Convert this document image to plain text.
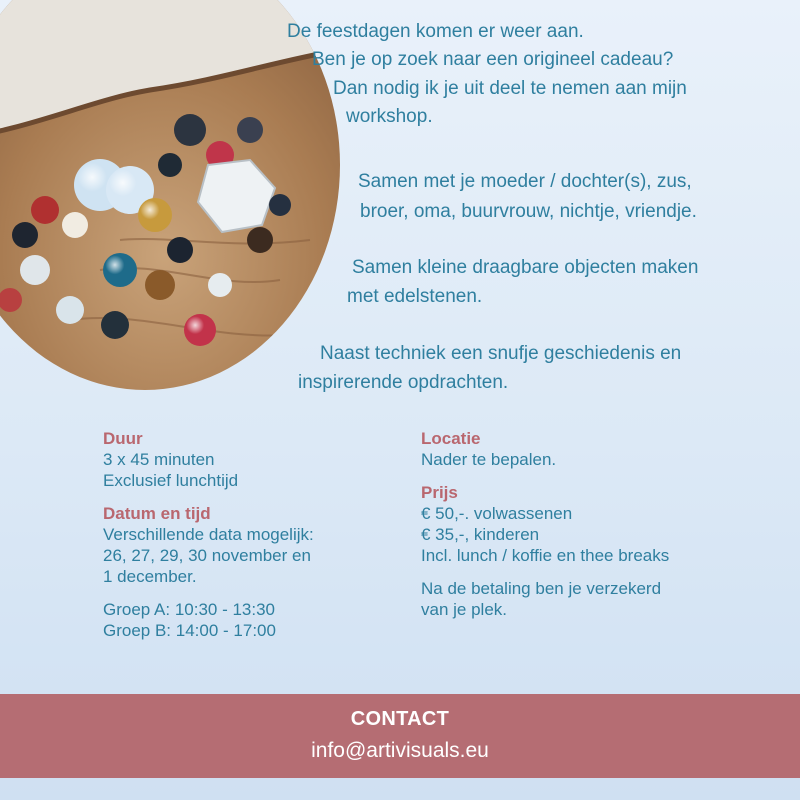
De feestdagen komen er weer aan.
Ben je op zoek naar een origineel cadeau?
Dan nodig ik je uit deel te nemen aan mijn
workshop.
Samen met je moeder / dochter(s), zus,
broer, oma, buurvrouw, nichtje, vriendje.
Samen kleine draagbare objecten maken
met edelstenen.
Naast techniek een snufje geschiedenis en
inspirerende opdrachten.
Duur
3 x 45 minuten
Exclusief lunchtijd
Datum en tijd
Verschillende data mogelijk:
26, 27, 29, 30 november en
1 december.
Groep A: 10:30 - 13:30
Groep B: 14:00 - 17:00
Locatie
Nader te bepalen.
Prijs
€ 50,-. volwassenen
€ 35,-, kinderen
Incl. lunch / koffie en thee breaks
Na de betaling ben je verzekerd
van je plek.
CONTACT
info@artivisuals.eu
